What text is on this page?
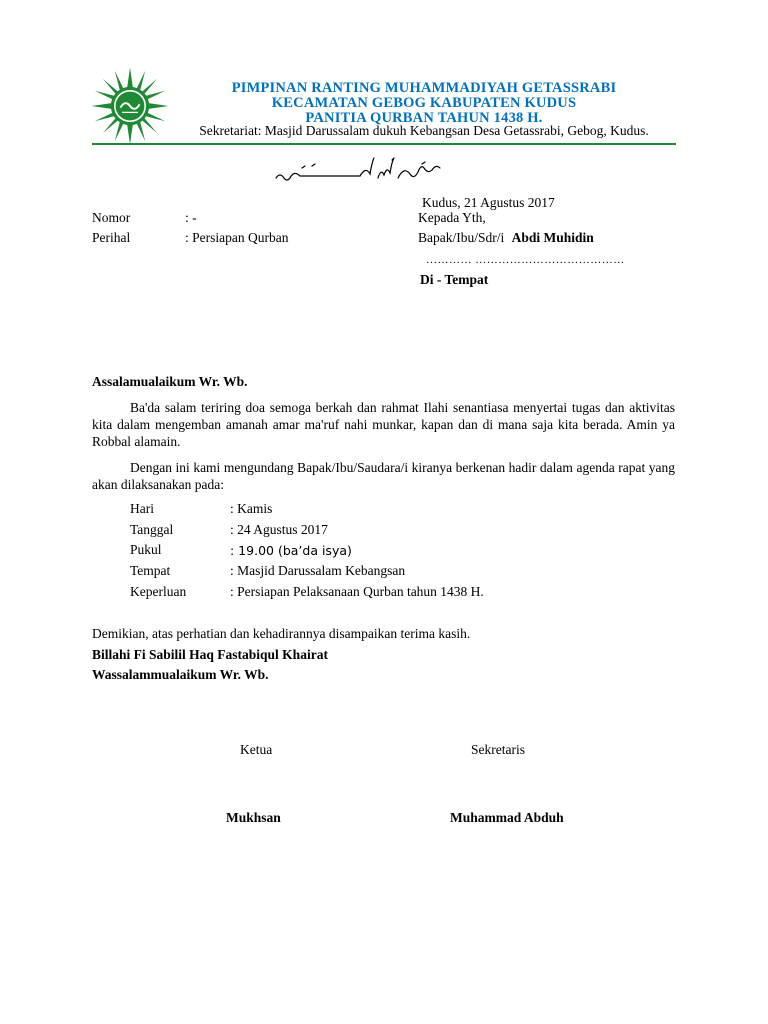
PIMPINAN RANTING MUHAMMADIYAH GETASSRABI
KECAMATAN GEBOG KABUPATEN KUDUS
PANITIA QURBAN TAHUN 1438 H.
Sekretariat: Masjid Darussalam dukuh Kebangsan Desa Getassrabi, Gebog, Kudus.
Kudus, 21 Agustus 2017
Nomor	: -
Perihal	: Persiapan Qurban
Kepada Yth,
Bapak/Ibu/Sdr/i Abdi Muhidin
………… …………………………………
Di - Tempat
Assalamualaikum Wr. Wb.
Ba'da salam teriring doa semoga berkah dan rahmat Ilahi senantiasa menyertai tugas dan aktivitas kita dalam mengemban amanah amar ma'ruf nahi munkar, kapan dan di mana saja kita berada. Amin ya Robbal alamain.
Dengan ini kami mengundang Bapak/Ibu/Saudara/i kiranya berkenan hadir dalam agenda rapat yang akan dilaksanakan pada:
Hari	: Kamis
Tanggal	: 24 Agustus 2017
Pukul	: 19.00 (ba’da isya)
Tempat	: Masjid Darussalam Kebangsan
Keperluan	: Persiapan Pelaksanaan Qurban tahun 1438 H.
Demikian, atas perhatian dan kehadirannya disampaikan terima kasih.
Billahi Fi Sabilil Haq Fastabiqul Khairat
Wassalammualaikum Wr. Wb.
Ketua	Sekretaris
Mukhsan	Muhammad Abduh
